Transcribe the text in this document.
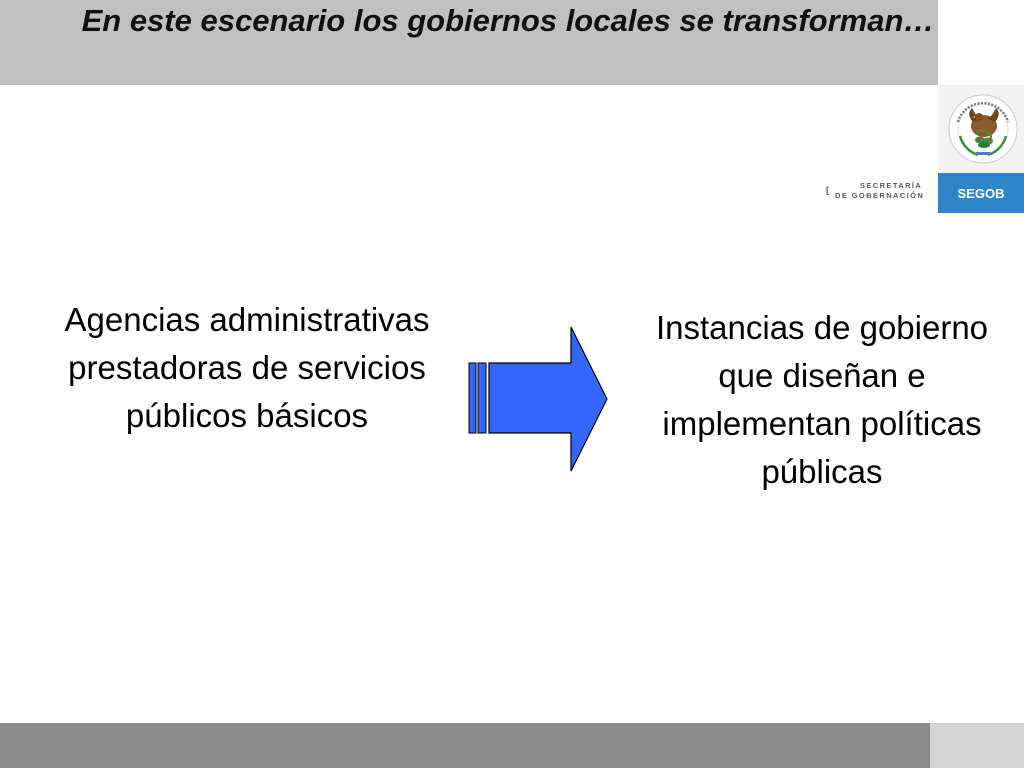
En este escenario los gobiernos locales se transforman…
[	SECRETARÍA
DE GOBERNACIÓN	SEGOB
Agencias administrativas prestadoras de servicios públicos básicos
Instancias de gobierno que diseñan e implementan políticas públicas
